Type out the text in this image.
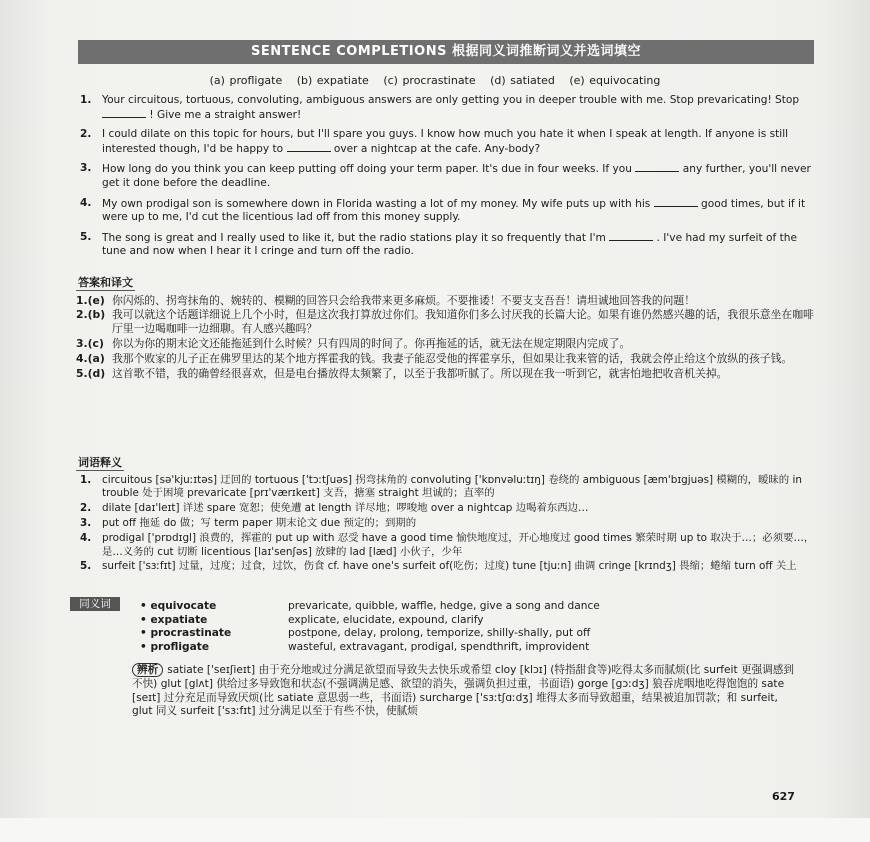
SENTENCE COMPLETIONS 根据同义词推断词义并选词填空
(a) profligate (b) expatiate (c) procrastinate (d) satiated (e) equivocating
1. Your circuitous, tortuous, convoluting, ambiguous answers are only getting you in deeper trouble with me. Stop prevaricating! Stop  ! Give me a straight answer!
2. I could dilate on this topic for hours, but I'll spare you guys. I know how much you hate it when I speak at length. If anyone is still interested though, I'd be happy to	over a nightcap at the cafe. Any-body?
3. How long do you think you can keep putting off doing your term paper. It's due in four weeks. If you	any further, you'll never get it done before the deadline.
4. My own prodigal son is somewhere down in Florida wasting a lot of my money. My wife puts up with his	good times, but if it were up to me, I'd cut the licentious lad off from this money supply.
5. The song is great and I really used to like it, but the radio stations play it so frequently that I'm	. I've had my surfeit of the tune and now when I hear it I cringe and turn off the radio.
答案和译文
1.(e) 你闪烁的、拐弯抹角的、婉转的、模糊的回答只会给我带来更多麻烦。不要推诿！不要支支吾吾！请坦诚地回答我的问题！
2.(b) 我可以就这个话题详细说上几个小时，但是这次我打算放过你们。我知道你们多么讨厌我的长篇大论。如果有谁仍然感兴趣的话，我很乐意坐在咖啡厅里一边喝咖啡一边细聊。有人感兴趣吗？
3.(c) 你以为你的期末论文还能拖延到什么时候？只有四周的时间了。你再拖延的话，就无法在规定期限内完成了。
4.(a) 我那个败家的儿子正在佛罗里达的某个地方挥霍我的钱。我妻子能忍受他的挥霍享乐，但如果让我来管的话，我就会停止给这个放纵的孩子钱。
5.(d) 这首歌不错，我的确曾经很喜欢，但是电台播放得太频繁了，以至于我都听腻了。所以现在我一听到它，就害怕地把收音机关掉。
词语释义
1. circuitous [sə'kjuːɪtəs] 迂回的 tortuous ['tɔːtʃuəs] 拐弯抹角的 convoluting ['kɒnvəluːtɪŋ] 卷绕的 ambiguous [æm'bɪgjuəs] 模糊的，暧昧的 in trouble 处于困境 prevaricate [prɪ'værɪkeɪt] 支吾，搪塞 straight 坦诚的；直率的
2. dilate [daɪ'leɪt] 详述 spare 宽恕；使免遭 at length 详尽地；啰唆地 over a nightcap 边喝着东西边…
3. put off 拖延 do 做；写 term paper 期末论文 due 预定的；到期的
4. prodigal ['prɒdɪgl] 浪费的，挥霍的 put up with 忍受 have a good time 愉快地度过，开心地度过 good times 繁荣时期 up to 取决于…；必须要…，是…义务的 cut 切断 licentious [laɪ'senʃəs] 放肆的 lad [læd] 小伙子，少年
5. surfeit ['sɜːfɪt] 过量，过度；过食，过饮，伤食 cf. have one's surfeit of(吃伤；过度) tune [tjuːn] 曲调 cringe [krɪndʒ] 畏缩；蜷缩 turn off 关上
同义词
•	equivocate	prevaricate, quibble, waffle, hedge, give a song and dance
• expatiate	explicate, elucidate, expound, clarify
• procrastinate	postpone, delay, prolong, temporize, shilly-shally, put off
• profligate	wasteful, extravagant, prodigal, spendthrift, improvident
辨析 satiate ['seɪʃieɪt] 由于充分地或过分满足欲望而导致失去快乐或希望 cloy [klɔɪ] (特指甜食等)吃得太多而腻烦(比 surfeit 更强调感到不快) glut [glʌt] 供给过多导致饱和状态(不强调满足感、欲望的消失，强调负担过重，书面语) gorge [gɔːdʒ] 狼吞虎咽地吃得饱饱的 sate [seɪt] 过分充足而导致厌烦(比 satiate 意思弱一些，书面语) surcharge ['sɜːtʃɑːdʒ] 堆得太多而导致超重，结果被追加罚款；和 surfeit, glut 同义 surfeit ['sɜːfɪt] 过分满足以至于有些不快，使腻烦
627
